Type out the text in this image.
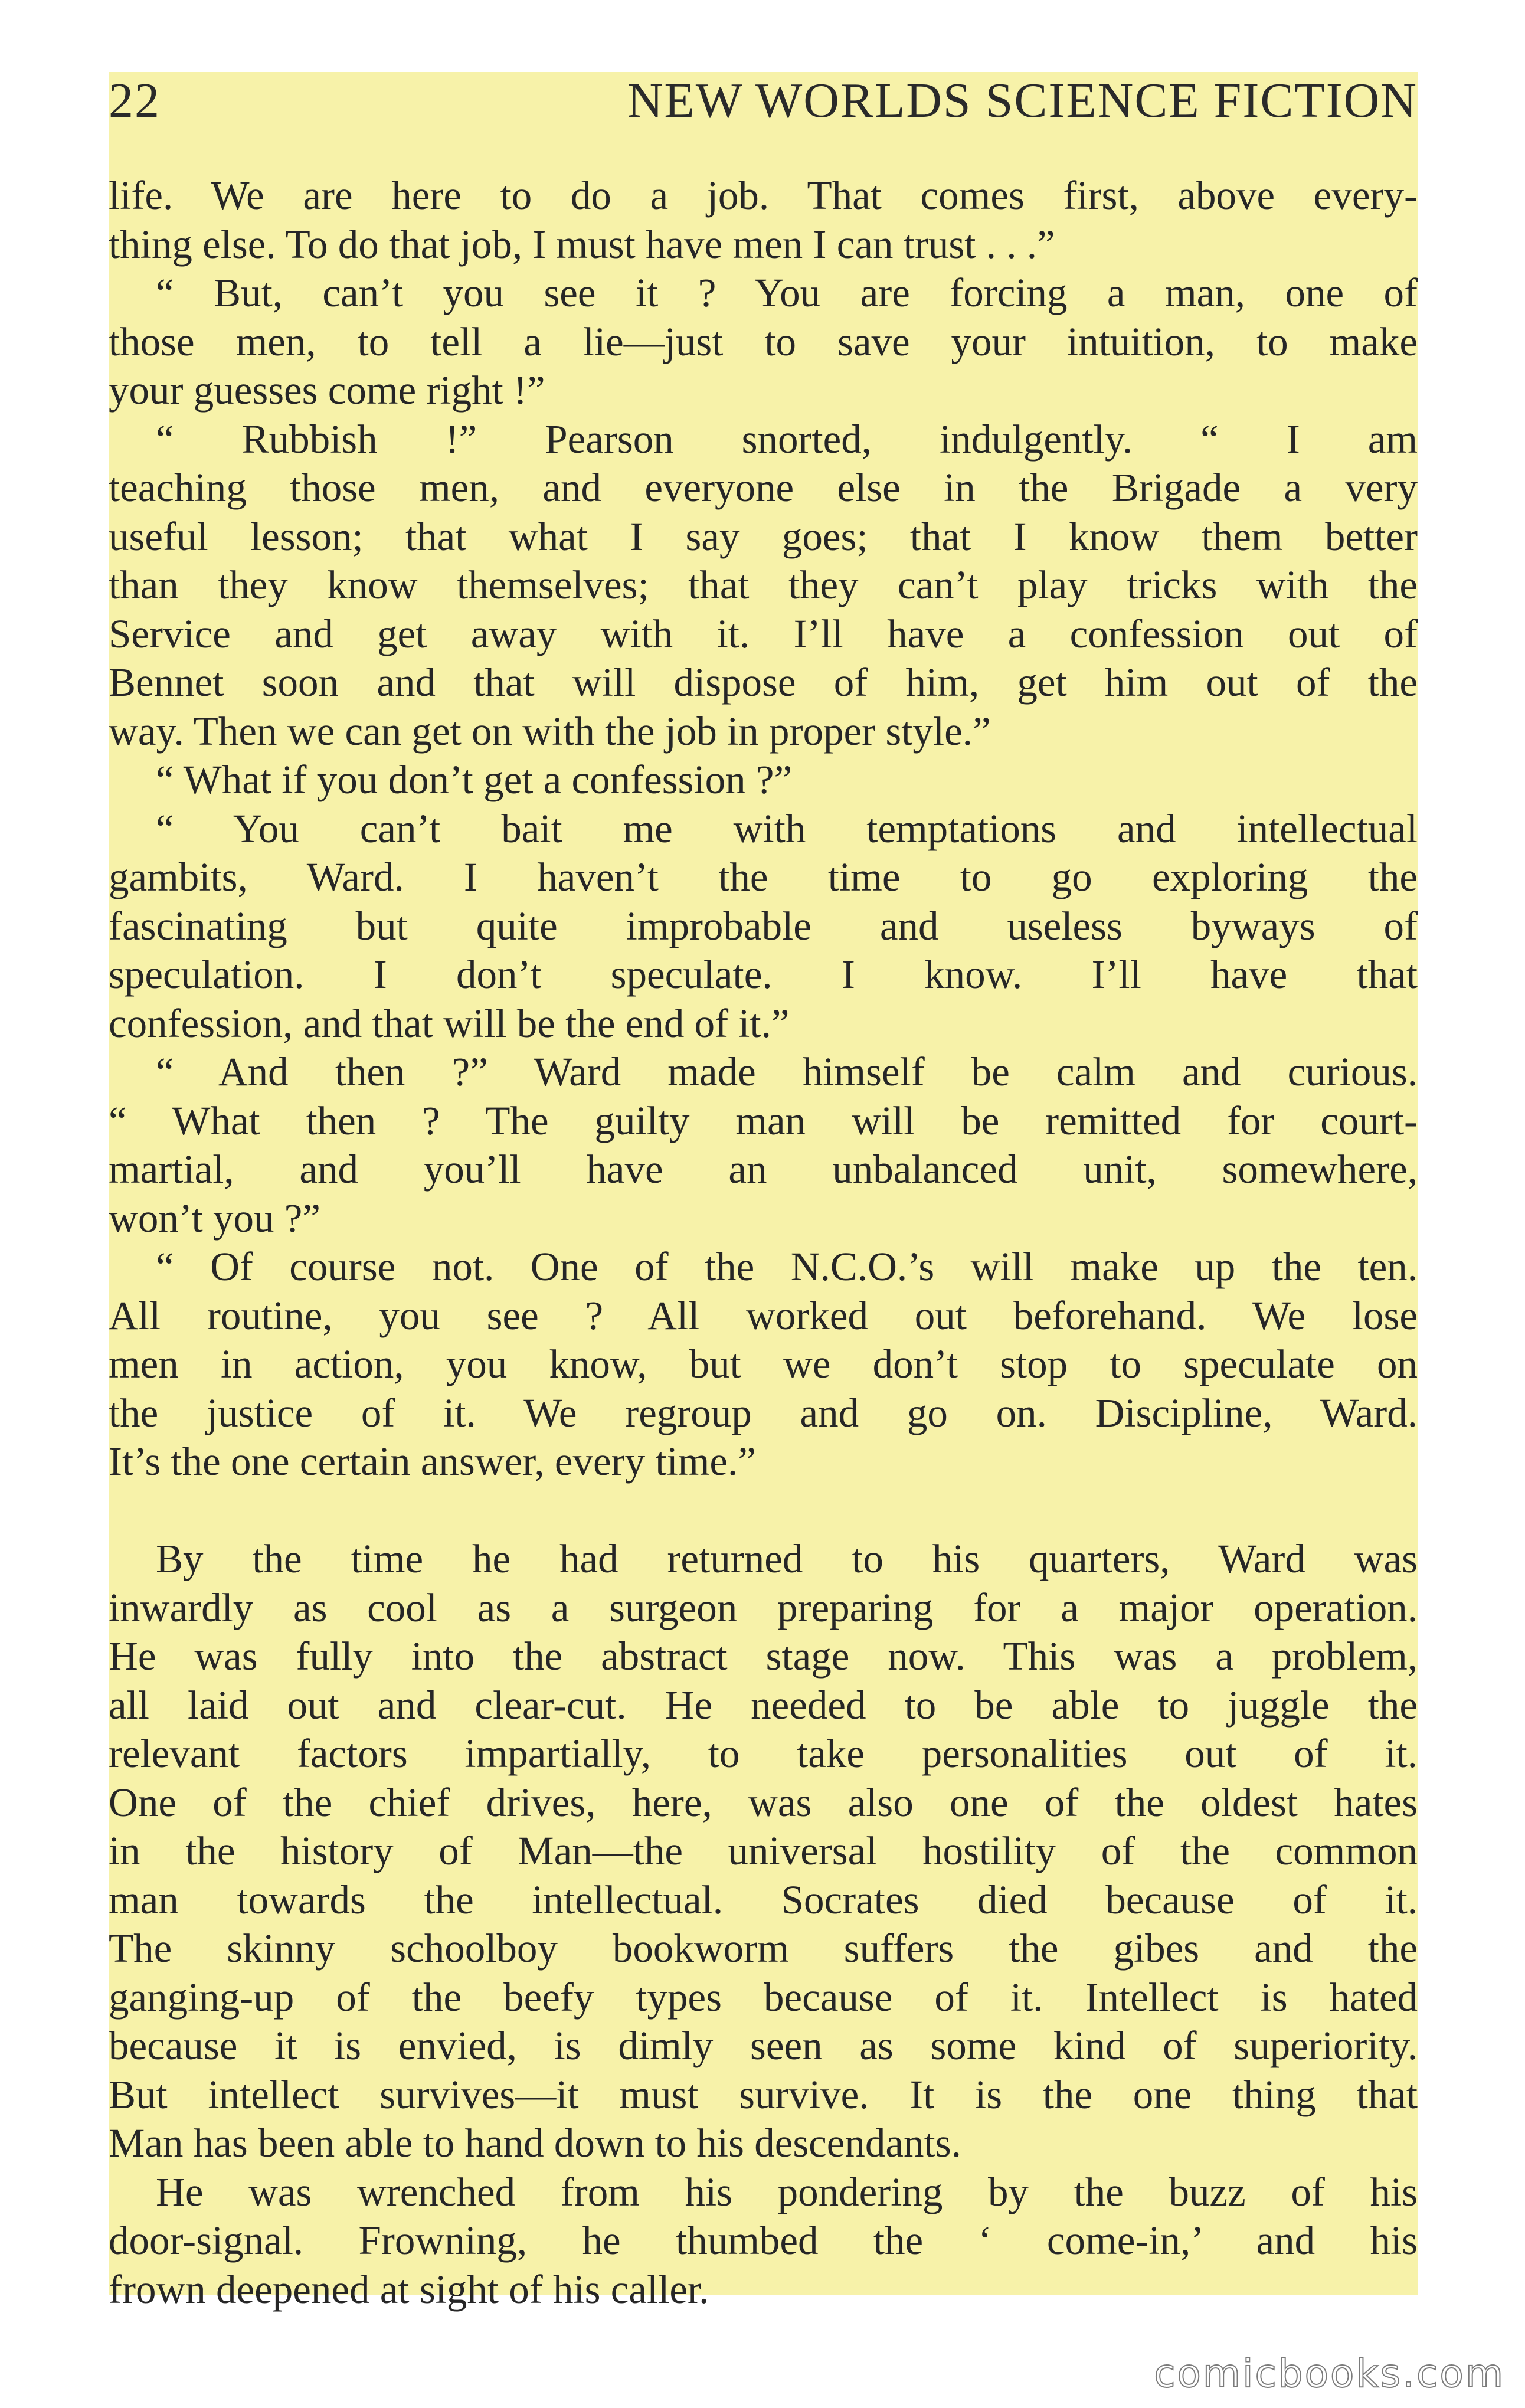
22	NEW WORLDS SCIENCE FICTION
life. We are here to do a job. That comes first, above every-
thing else. To do that job, I must have men I can trust . . .”
“ But, can’t you see it ? You are forcing a man, one of
those men, to tell a lie—just to save your intuition, to make
your guesses come right !”
“ Rubbish !” Pearson snorted, indulgently. “ I am
teaching those men, and everyone else in the Brigade a very
useful lesson; that what I say goes; that I know them better
than they know themselves; that they can’t play tricks with the
Service and get away with it. I’ll have a confession out of
Bennet soon and that will dispose of him, get him out of the
way. Then we can get on with the job in proper style.”
“ What if you don’t get a confession ?”
“ You can’t bait me with temptations and intellectual
gambits, Ward. I haven’t the time to go exploring the
fascinating but quite improbable and useless byways of
speculation. I don’t speculate. I know. I’ll have that
confession, and that will be the end of it.”
“ And then ?” Ward made himself be calm and curious.
“ What then ? The guilty man will be remitted for court-
martial, and you’ll have an unbalanced unit, somewhere,
won’t you ?”
“ Of course not. One of the N.C.O.’s will make up the ten.
All routine, you see ? All worked out beforehand. We lose
men in action, you know, but we don’t stop to speculate on
the justice of it. We regroup and go on. Discipline, Ward.
It’s the one certain answer, every time.”
By the time he had returned to his quarters, Ward was
inwardly as cool as a surgeon preparing for a major operation.
He was fully into the abstract stage now. This was a problem,
all laid out and clear-cut. He needed to be able to juggle the
relevant factors impartially, to take personalities out of it.
One of the chief drives, here, was also one of the oldest hates
in the history of Man—the universal hostility of the common
man towards the intellectual. Socrates died because of it.
The skinny schoolboy bookworm suffers the gibes and the
ganging-up of the beefy types because of it. Intellect is hated
because it is envied, is dimly seen as some kind of superiority.
But intellect survives—it must survive. It is the one thing that
Man has been able to hand down to his descendants.
He was wrenched from his pondering by the buzz of his
door-signal. Frowning, he thumbed the ‘ come-in,’ and his
frown deepened at sight of his caller.
comicbooks.com
